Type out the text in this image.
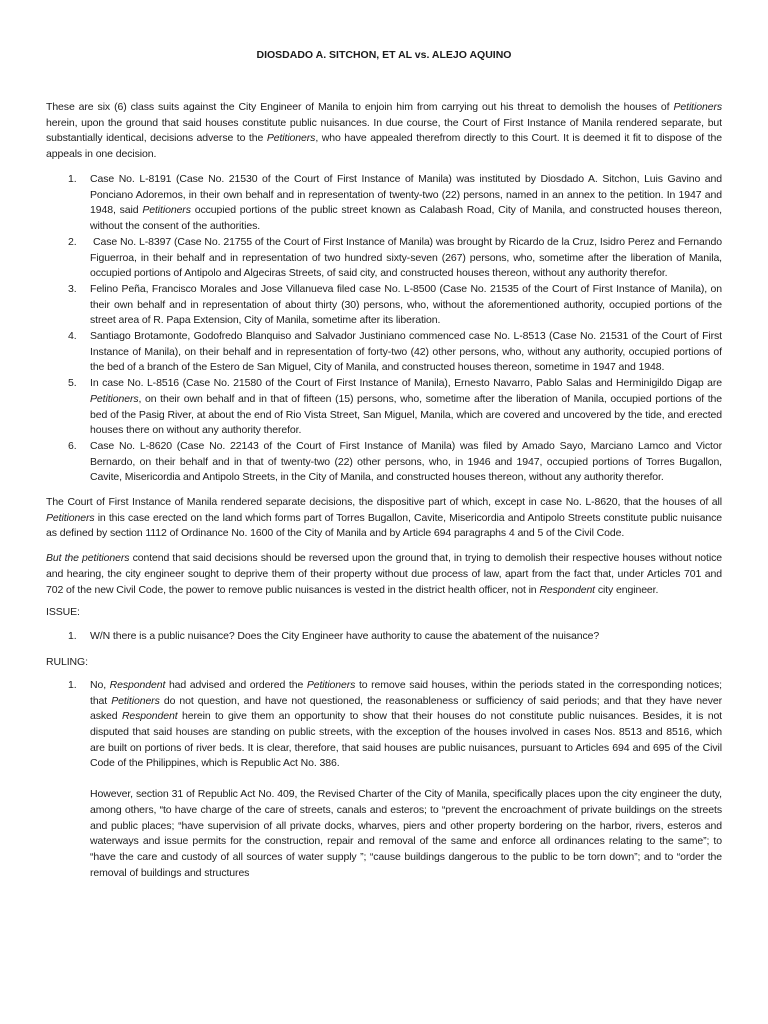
DIOSDADO A. SITCHON, ET AL vs. ALEJO AQUINO

These are six (6) class suits against the City Engineer of Manila to enjoin him from carrying out his threat to demolish the houses of Petitioners herein, upon the ground that said houses constitute public nuisances. In due course, the Court of First Instance of Manila rendered separate, but substantially identical, decisions adverse to the Petitioners, who have appealed therefrom directly to this Court. It is deemed it fit to dispose of the appeals in one decision.

1.	Case No. L-8191 (Case No. 21530 of the Court of First Instance of Manila) was instituted by Diosdado A. Sitchon, Luis Gavino and Ponciano Adoremos, in their own behalf and in representation of twenty-two (22) persons, named in an annex to the petition. In 1947 and 1948, said Petitioners occupied portions of the public street known as Calabash Road, City of Manila, and constructed houses thereon, without the consent of the authorities.
2.	Case No. L-8397 (Case No. 21755 of the Court of First Instance of Manila) was brought by Ricardo de la Cruz, Isidro Perez and Fernando Figuerroa, in their behalf and in representation of two hundred sixty-seven (267) persons, who, sometime after the liberation of Manila, occupied portions of Antipolo and Algeciras Streets, of said city, and constructed houses thereon, without any authority therefor.
3.	Felino Peña, Francisco Morales and Jose Villanueva filed case No. L-8500 (Case No. 21535 of the Court of First Instance of Manila), on their own behalf and in representation of about thirty (30) persons, who, without the aforementioned authority, occupied portions of the street area of R. Papa Extension, City of Manila, sometime after its liberation.
4.	Santiago Brotamonte, Godofredo Blanquiso and Salvador Justiniano commenced case No. L-8513 (Case No. 21531 of the Court of First Instance of Manila), on their behalf and in representation of forty-two (42) other persons, who, without any authority, occupied portions of the bed of a branch of the Estero de San Miguel, City of Manila, and constructed houses thereon, sometime in 1947 and 1948.
5.	In case No. L-8516 (Case No. 21580 of the Court of First Instance of Manila), Ernesto Navarro, Pablo Salas and Herminigildo Digap are Petitioners, on their own behalf and in that of fifteen (15) persons, who, sometime after the liberation of Manila, occupied portions of the bed of the Pasig River, at about the end of Rio Vista Street, San Miguel, Manila, which are covered and uncovered by the tide, and erected houses there on without any authority therefor.
6.	Case No. L-8620 (Case No. 22143 of the Court of First Instance of Manila) was filed by Amado Sayo, Marciano Lamco and Victor Bernardo, on their behalf and in that of twenty-two (22) other persons, who, in 1946 and 1947, occupied portions of Torres Bugallon, Cavite, Misericordia and Antipolo Streets, in the City of Manila, and constructed houses thereon, without any authority therefor.

The Court of First Instance of Manila rendered separate decisions, the dispositive part of which, except in case No. L-8620, that the houses of all Petitioners in this case erected on the land which forms part of Torres Bugallon, Cavite, Misericordia and Antipolo Streets constitute public nuisance as defined by section 1112 of Ordinance No. 1600 of the City of Manila and by Article 694 paragraphs 4 and 5 of the Civil Code.

But the petitioners contend that said decisions should be reversed upon the ground that, in trying to demolish their respective houses without notice and hearing, the city engineer sought to deprive them of their property without due process of law, apart from the fact that, under Articles 701 and 702 of the new Civil Code, the power to remove public nuisances is vested in the district health officer, not in Respondent city engineer.

ISSUE:

1.	W/N there is a public nuisance? Does the City Engineer have authority to cause the abatement of the nuisance?

RULING:

1.	No, Respondent had advised and ordered the Petitioners to remove said houses, within the periods stated in the corresponding notices; that Petitioners do not question, and have not questioned, the reasonableness or sufficiency of said periods; and that they have never asked Respondent herein to give them an opportunity to show that their houses do not constitute public nuisances. Besides, it is not disputed that said houses are standing on public streets, with the exception of the houses involved in cases Nos. 8513 and 8516, which are built on portions of river beds. It is clear, therefore, that said houses are public nuisances, pursuant to Articles 694 and 695 of the Civil Code of the Philippines, which is Republic Act No. 386.

However, section 31 of Republic Act No. 409, the Revised Charter of the City of Manila, specifically places upon the city engineer the duty, among others, “to have charge of the care of streets, canals and esteros; to “prevent the encroachment of private buildings on the streets and public places; “have supervision of all private docks, wharves, piers and other property bordering on the harbor, rivers, esteros and waterways and issue permits for the construction, repair and removal of the same and enforce all ordinances relating to the same”; to “have the care and custody of all sources of water supply ”; “cause buildings dangerous to the public to be torn down”; and to “order the removal of buildings and structures
